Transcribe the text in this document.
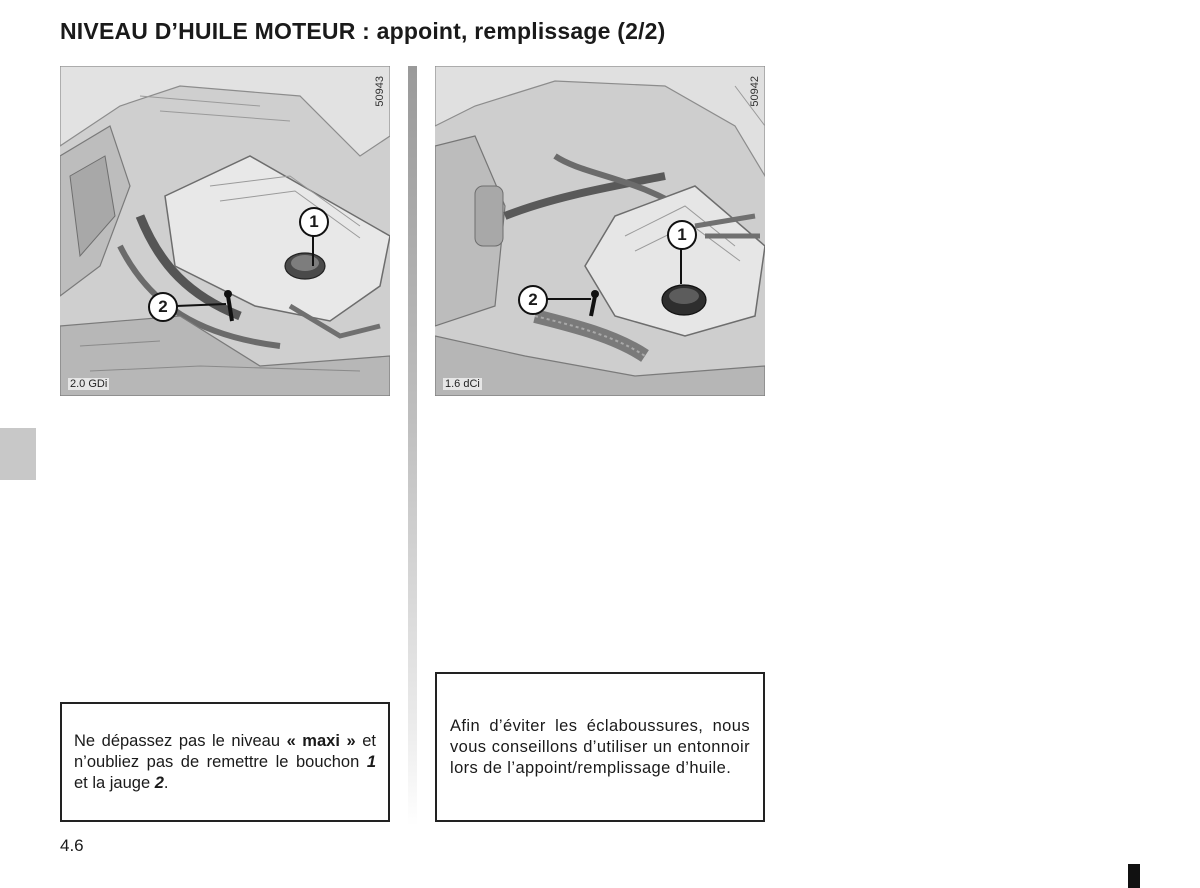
NIVEAU D’HUILE MOTEUR : appoint, remplissage (2/2)
50943
1
2
2.0 GDi
50942
1
2
1.6 dCi
Ne dépassez pas le niveau « maxi » et n’oubliez pas de remettre le bouchon 1 et la jauge 2.
Afin d’éviter les éclaboussures, nous vous conseillons d’utiliser un entonnoir lors de l’appoint/remplissage d’huile.
4.6
